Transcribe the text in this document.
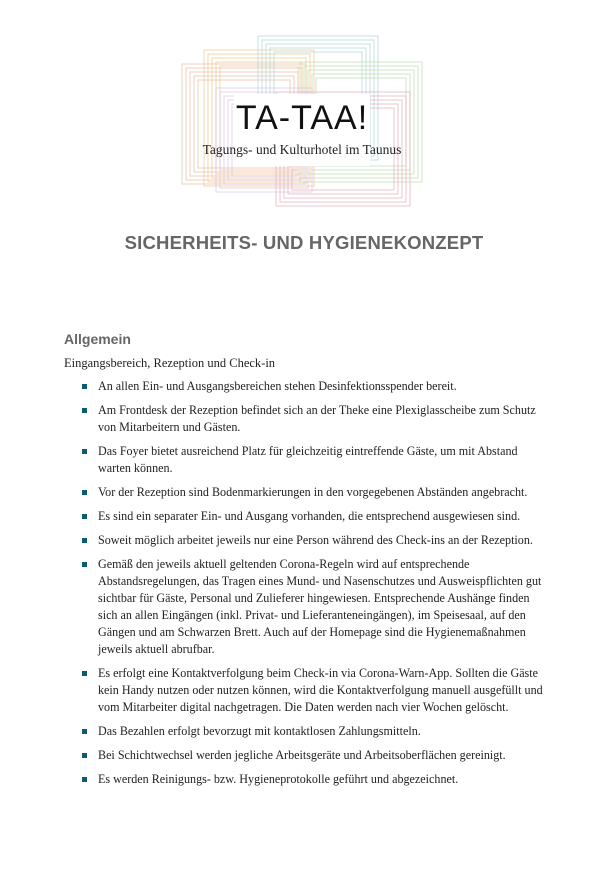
TA-TAA!
Tagungs- und Kulturhotel im Taunus
SICHERHEITS- UND HYGIENEKONZEPT
Allgemein
Eingangsbereich, Rezeption und Check-in
An allen Ein- und Ausgangsbereichen stehen Desinfektionsspender bereit.
Am Frontdesk der Rezeption befindet sich an der Theke eine Plexiglasscheibe zum Schutz von Mitarbeitern und Gästen.
Das Foyer bietet ausreichend Platz für gleichzeitig eintreffende Gäste, um mit Abstand warten können.
Vor der Rezeption sind Bodenmarkierungen in den vorgegebenen Abständen angebracht.
Es sind ein separater Ein- und Ausgang vorhanden, die entsprechend ausgewiesen sind.
Soweit möglich arbeitet jeweils nur eine Person während des Check-ins an der Rezeption.
Gemäß den jeweils aktuell geltenden Corona-Regeln wird auf entsprechende Abstandsregelungen, das Tragen eines Mund- und Nasenschutzes und Ausweispflichten gut sichtbar für Gäste, Personal und Zulieferer hingewiesen. Entsprechende Aushänge finden sich an allen Eingängen (inkl. Privat- und Lieferanteneingängen), im Speisesaal, auf den Gängen und am Schwarzen Brett. Auch auf der Homepage sind die Hygienemaßnahmen jeweils aktuell abrufbar.
Es erfolgt eine Kontaktverfolgung beim Check-in via Corona-Warn-App. Sollten die Gäste kein Handy nutzen oder nutzen können, wird die Kontaktverfolgung manuell ausgefüllt und vom Mitarbeiter digital nachgetragen. Die Daten werden nach vier Wochen gelöscht.
Das Bezahlen erfolgt bevorzugt mit kontaktlosen Zahlungsmitteln.
Bei Schichtwechsel werden jegliche Arbeitsgeräte und Arbeitsoberflächen gereinigt.
Es werden Reinigungs- bzw. Hygieneprotokolle geführt und abgezeichnet.
